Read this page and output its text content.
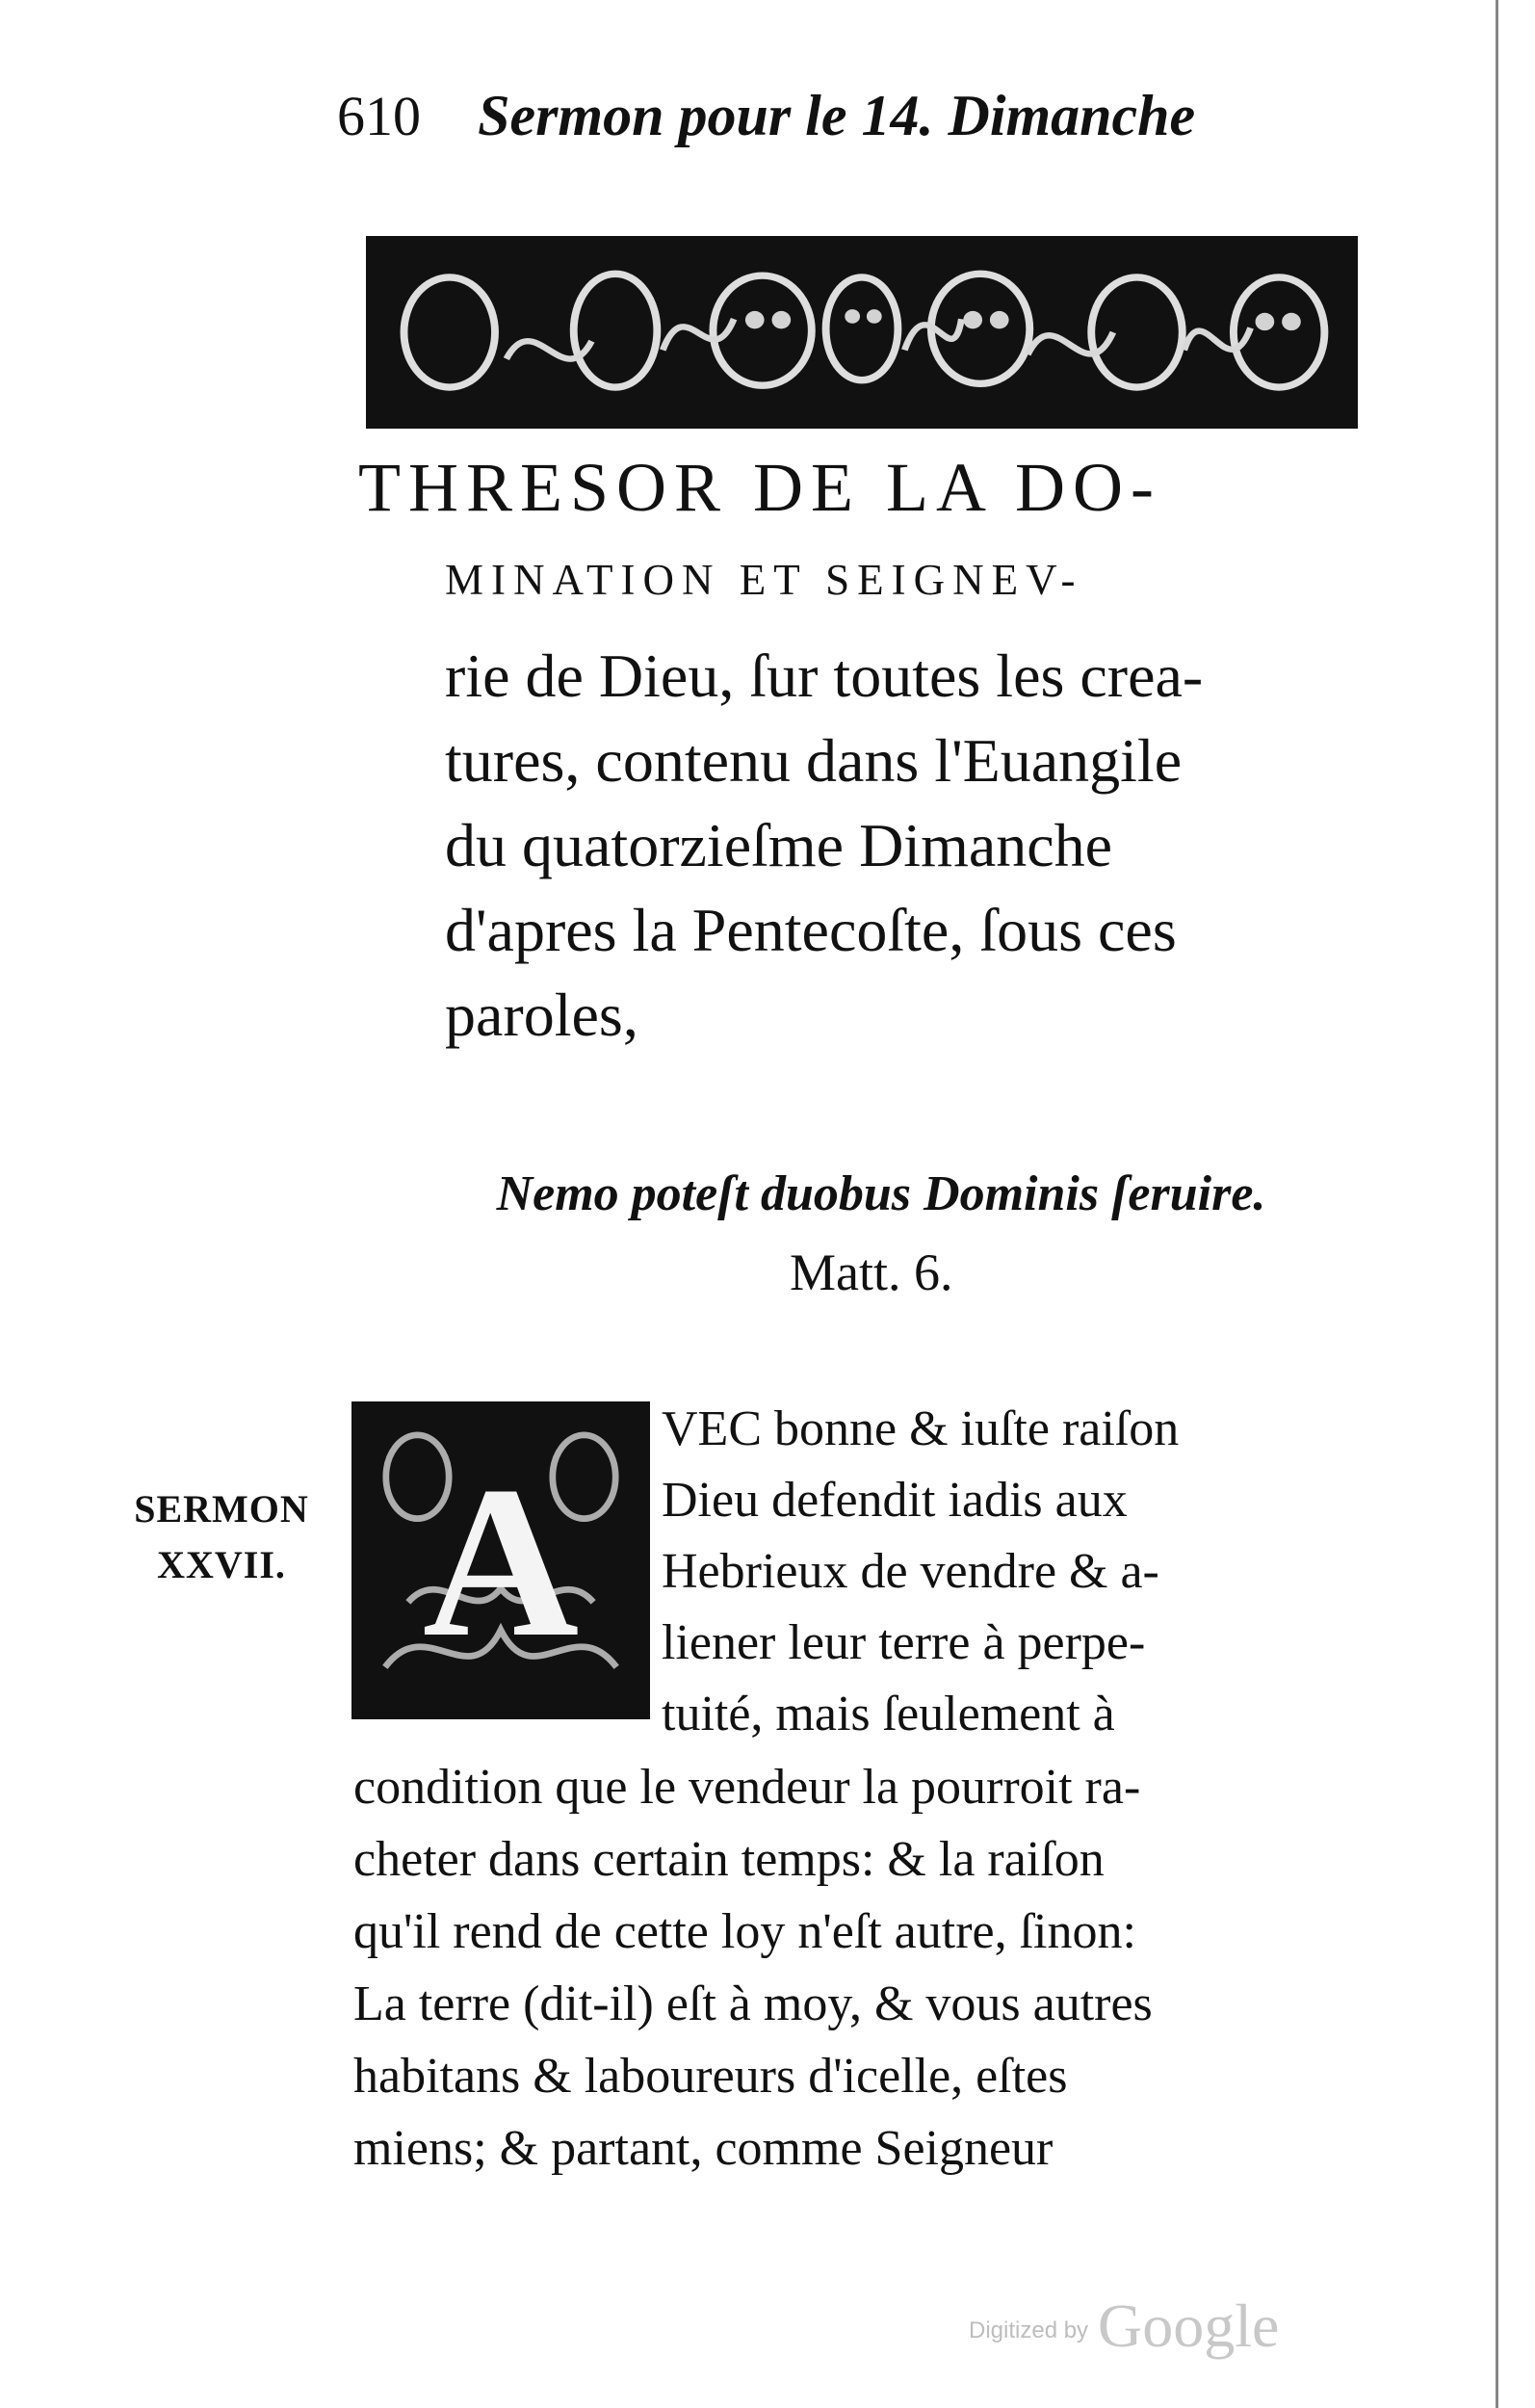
610 Sermon pour le 14. Dimanche
THRESOR DE LA DO-
MINATION ET SEIGNEV-
rie de Dieu, ſur toutes les crea-
tures, contenu dans l'Euangile
du quatorzieſme Dimanche
d'apres la Pentecoſte, ſous ces
paroles,
Nemo poteſt duobus Dominis ſeruire.
Matt. 6.
SERMON
XXVII. A
VEC bonne & iuſte raiſon
Dieu defendit iadis aux
Hebrieux de vendre & a-
liener leur terre à perpe-
tuité, mais ſeulement à
condition que le vendeur la pourroit ra-
cheter dans certain temps: & la raiſon
qu'il rend de cette loy n'eſt autre, ſinon:
La terre (dit-il) eſt à moy, & vous autres
habitans & laboureurs d'icelle, eſtes
miens; & partant, comme Seigneur
Digitized by Google
